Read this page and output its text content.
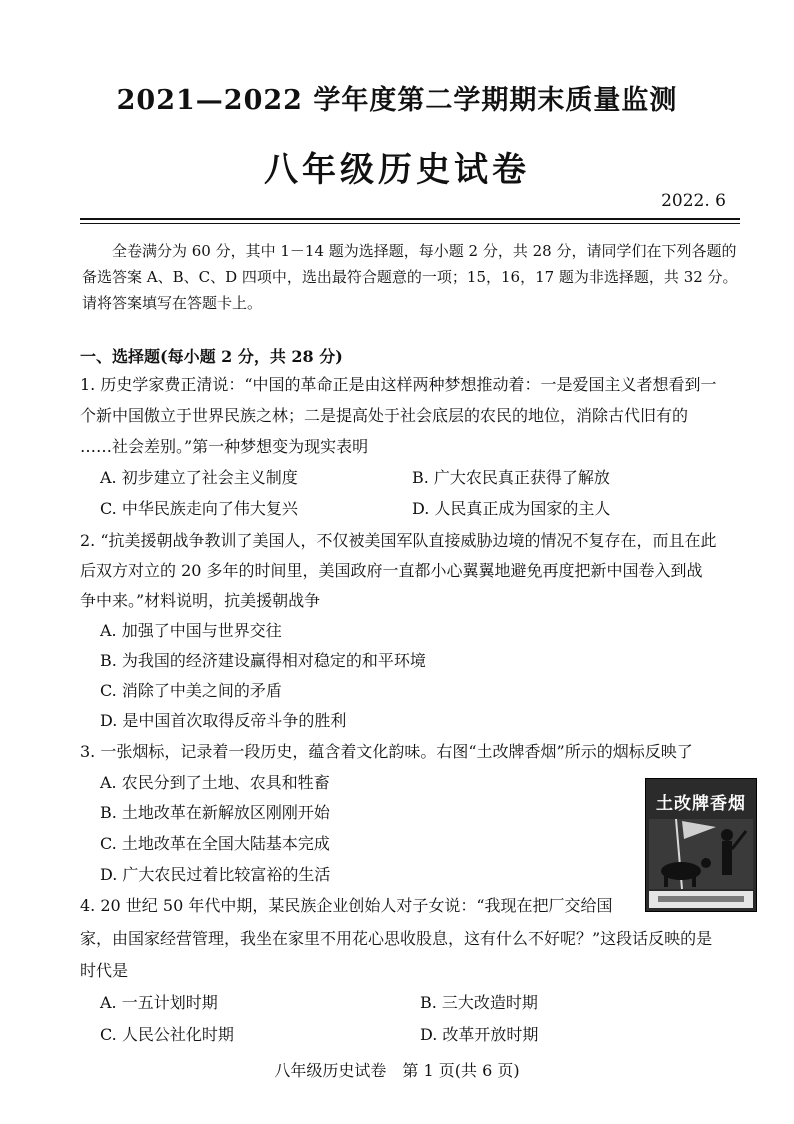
2021—2022 学年度第二学期期末质量监测
八年级历史试卷
2022. 6
全卷满分为 60 分，其中 1－14 题为选择题，每小题 2 分，共 28 分，请同学们在下列各题的备选答案 A、B、C、D 四项中，选出最符合题意的一项；15，16，17 题为非选择题，共 32 分。请将答案填写在答题卡上。
一、选择题(每小题 2 分，共 28 分)
1. 历史学家费正清说：“中国的革命正是由这样两种梦想推动着：一是爱国主义者想看到一
个新中国傲立于世界民族之林；二是提高处于社会底层的农民的地位，消除古代旧有的
……社会差别。”第一种梦想变为现实表明
A. 初步建立了社会主义制度	B. 广大农民真正获得了解放
C. 中华民族走向了伟大复兴	D. 人民真正成为国家的主人
2. “抗美援朝战争教训了美国人，不仅被美国军队直接威胁边境的情况不复存在，而且在此
后双方对立的 20 多年的时间里，美国政府一直都小心翼翼地避免再度把新中国卷入到战
争中来。”材料说明，抗美援朝战争
A. 加强了中国与世界交往
B. 为我国的经济建设赢得相对稳定的和平环境
C. 消除了中美之间的矛盾
D. 是中国首次取得反帝斗争的胜利
3. 一张烟标，记录着一段历史，蕴含着文化韵味。右图“土改牌香烟”所示的烟标反映了
A. 农民分到了土地、农具和牲畜
B. 土地改革在新解放区刚刚开始
C. 土地改革在全国大陆基本完成
D. 广大农民过着比较富裕的生活
土改牌香烟
4. 20 世纪 50 年代中期，某民族企业创始人对子女说：“我现在把厂交给国
家，由国家经营管理，我坐在家里不用花心思收股息，这有什么不好呢？”这段话反映的是
时代是
A. 一五计划时期	B. 三大改造时期
C. 人民公社化时期	D. 改革开放时期
八年级历史试卷　第 1 页(共 6 页)
